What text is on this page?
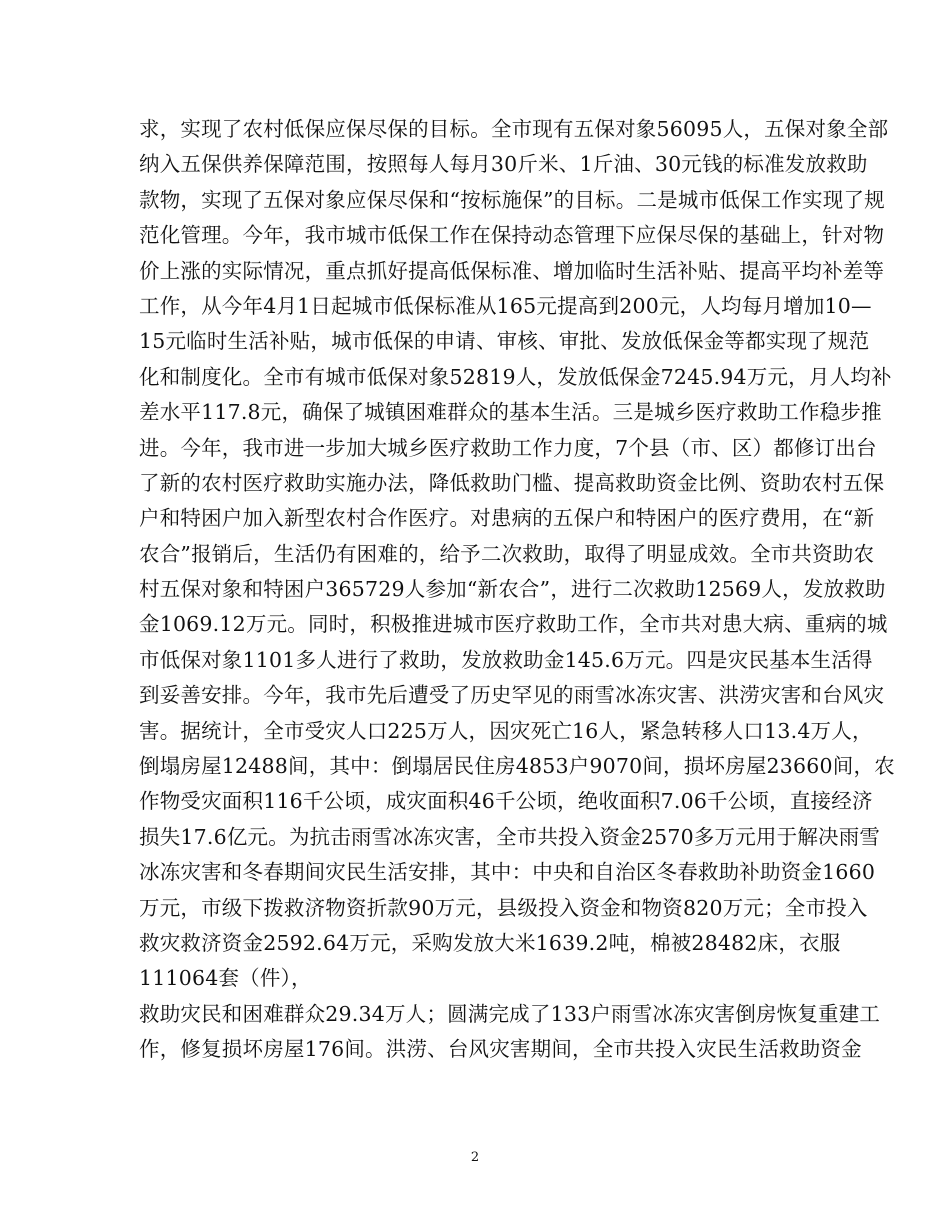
求，实现了农村低保应保尽保的目标。全市现有五保对象56095人，五保对象全部
纳入五保供养保障范围，按照每人每月30斤米、1斤油、30元钱的标准发放救助
款物，实现了五保对象应保尽保和“按标施保”的目标。二是城市低保工作实现了规
范化管理。今年，我市城市低保工作在保持动态管理下应保尽保的基础上，针对物
价上涨的实际情况，重点抓好提高低保标准、增加临时生活补贴、提高平均补差等
工作，从今年4月1日起城市低保标准从165元提高到200元，人均每月增加10—
15元临时生活补贴，城市低保的申请、审核、审批、发放低保金等都实现了规范
化和制度化。全市有城市低保对象52819人，发放低保金7245.94万元，月人均补
差水平117.8元，确保了城镇困难群众的基本生活。三是城乡医疗救助工作稳步推
进。今年，我市进一步加大城乡医疗救助工作力度，7个县（市、区）都修订出台
了新的农村医疗救助实施办法，降低救助门槛、提高救助资金比例、资助农村五保
户和特困户加入新型农村合作医疗。对患病的五保户和特困户的医疗费用，在“新
农合”报销后，生活仍有困难的，给予二次救助，取得了明显成效。全市共资助农
村五保对象和特困户365729人参加“新农合”，进行二次救助12569人，发放救助
金1069.12万元。同时，积极推进城市医疗救助工作，全市共对患大病、重病的城
市低保对象1101多人进行了救助，发放救助金145.6万元。四是灾民基本生活得
到妥善安排。今年，我市先后遭受了历史罕见的雨雪冰冻灾害、洪涝灾害和台风灾
害。据统计，全市受灾人口225万人，因灾死亡16人，紧急转移人口13.4万人，
倒塌房屋12488间，其中：倒塌居民住房4853户9070间，损坏房屋23660间，农
作物受灾面积116千公顷，成灾面积46千公顷，绝收面积7.06千公顷，直接经济
损失17.6亿元。为抗击雨雪冰冻灾害，全市共投入资金2570多万元用于解决雨雪
冰冻灾害和冬春期间灾民生活安排，其中：中央和自治区冬春救助补助资金1660
万元，市级下拨救济物资折款90万元，县级投入资金和物资820万元；全市投入
救灾救济资金2592.64万元，采购发放大米1639.2吨，棉被28482床，衣服
111064套（件），
救助灾民和困难群众29.34万人；圆满完成了133户雨雪冰冻灾害倒房恢复重建工
作，修复损坏房屋176间。洪涝、台风灾害期间，全市共投入灾民生活救助资金
2
